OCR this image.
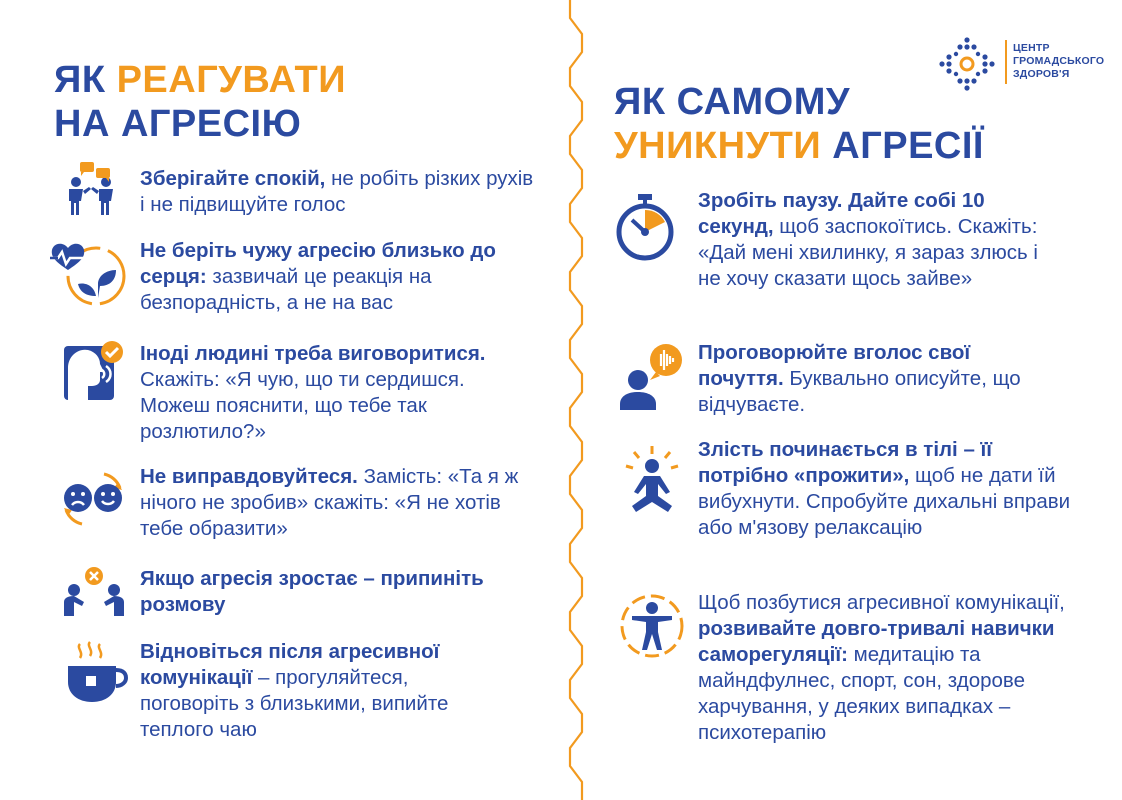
ЦЕНТР
ГРОМАДСЬКОГО
ЗДОРОВ'Я
ЯК РЕАГУВАТИ
НА АГРЕСІЮ
ЯК САМОМУ
УНИКНУТИ АГРЕСІЇ
Зберігайте спокій, не робіть різких рухів і не підвищуйте голос
Не беріть чужу агресію близько до серця: зазвичай це реакція на безпорадність, а не на вас
Іноді людині треба виговоритися. Скажіть: «Я чую, що ти сердишся. Можеш пояснити, що тебе так розлютило?»
Не виправдовуйтеся. Замість: «Та я ж нічого не зробив» скажіть: «Я не хотів тебе образити»
Якщо агресія зростає – припиніть розмову
Відновіться після агресивної комунікації – прогуляйтеся, поговоріть з близькими, випийте теплого чаю
Зробіть паузу. Дайте собі 10 секунд, щоб заспокоїтись. Скажіть: «Дай мені хвилинку, я зараз злюсь і не хочу сказати щось зайве»
Проговорюйте вголос свої почуття. Буквально описуйте, що відчуваєте.
Злість починається в тілі – її потрібно «прожити», щоб не дати їй вибухнути. Спробуйте дихальні вправи або м'язову релаксацію
Щоб позбутися агресивної комунікації, розвивайте довго-тривалі навички саморегуляції: медитацію та майндфулнес, спорт, сон, здорове харчування, у деяких випадках – психотерапію
